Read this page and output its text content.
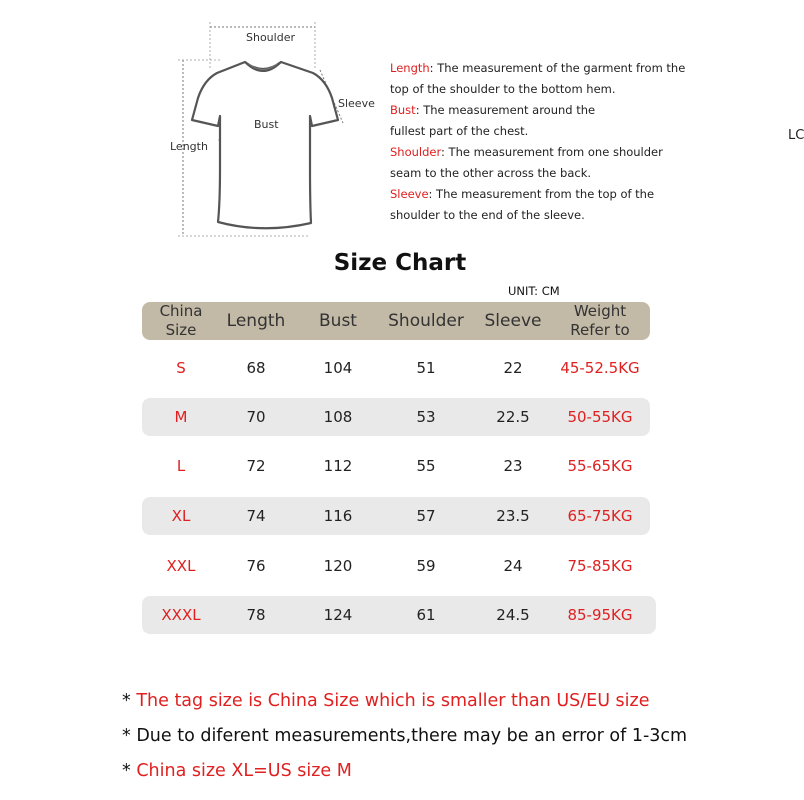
Shoulder
Sleeve
Bust
Length
Length: The measurement of the garment from the
top of the shoulder to the bottom hem.
Bust: The measurement around the
fullest part of the chest.
Shoulder: The measurement from one shoulder
seam to the other across the back.
Sleeve: The measurement from the top of the
shoulder to the end of the sleeve.
LC
Size Chart
UNIT: CM
China
Size	Length	Bust	Shoulder	Sleeve	Weight
Refer to
S	68	104	51	22	45-52.5KG
M	70	108	53	22.5	50-55KG
L	72	112	55	23	55-65KG
XL	74	116	57	23.5	65-75KG
XXL	76	120	59	24	75-85KG
XXXL	78	124	61	24.5	85-95KG
* The tag size is China Size which is smaller than US/EU size
* Due to diferent measurements,there may be an error of 1-3cm
* China size XL=US size M
